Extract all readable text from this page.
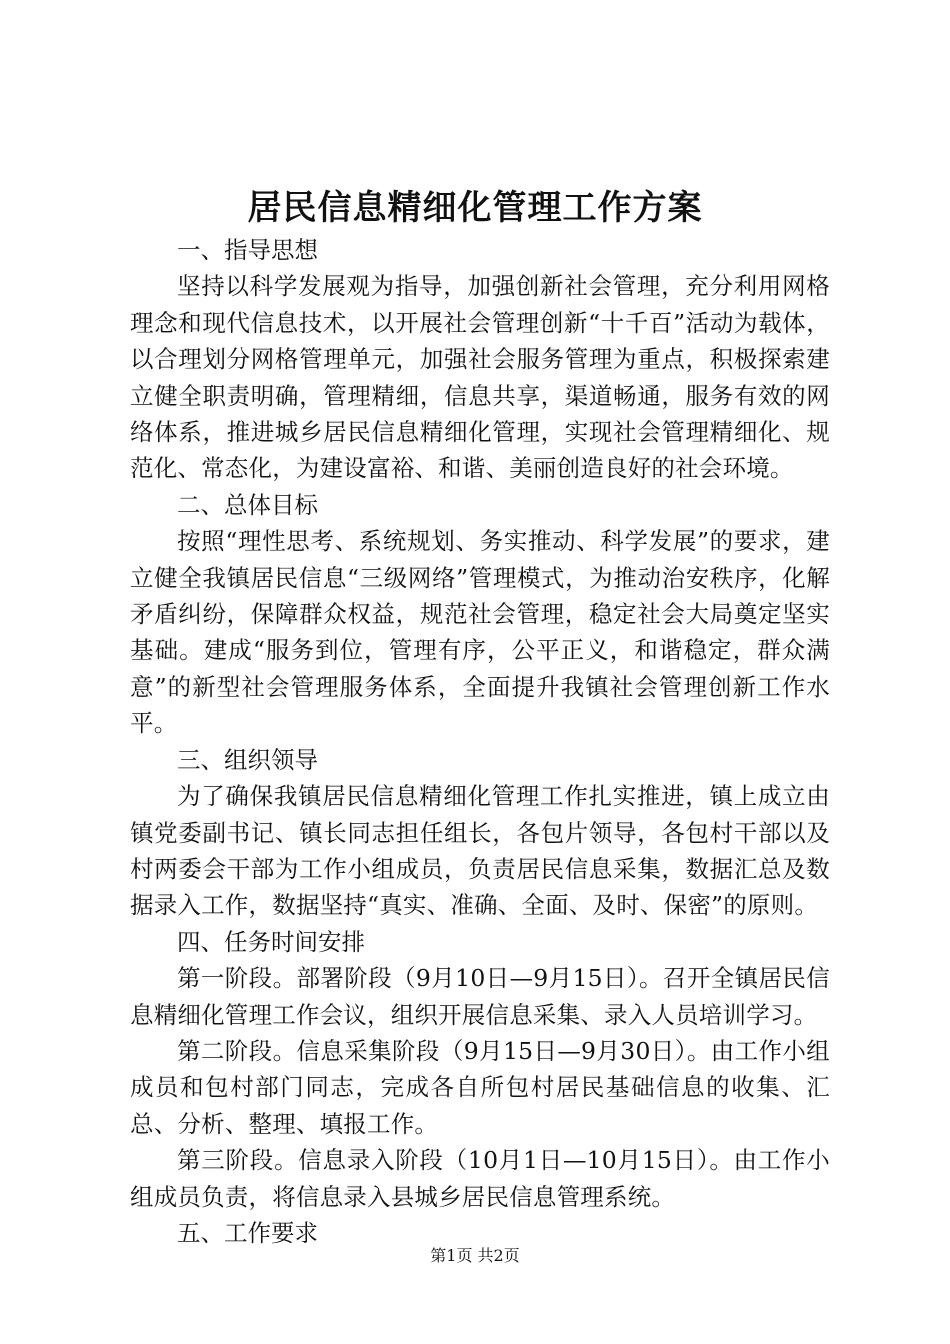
居民信息精细化管理工作方案

一、指导思想

坚持以科学发展观为指导，加强创新社会管理，充分利用网格理念和现代信息技术，以开展社会管理创新“十千百”活动为载体，以合理划分网格管理单元，加强社会服务管理为重点，积极探索建立健全职责明确，管理精细，信息共享，渠道畅通，服务有效的网络体系，推进城乡居民信息精细化管理，实现社会管理精细化、规范化、常态化，为建设富裕、和谐、美丽创造良好的社会环境。

二、总体目标

按照“理性思考、系统规划、务实推动、科学发展”的要求，建立健全我镇居民信息“三级网络”管理模式，为推动治安秩序，化解矛盾纠纷，保障群众权益，规范社会管理，稳定社会大局奠定坚实基础。建成“服务到位，管理有序，公平正义，和谐稳定，群众满意”的新型社会管理服务体系，全面提升我镇社会管理创新工作水平。

三、组织领导

为了确保我镇居民信息精细化管理工作扎实推进，镇上成立由镇党委副书记、镇长同志担任组长，各包片领导，各包村干部以及村两委会干部为工作小组成员，负责居民信息采集，数据汇总及数据录入工作，数据坚持“真实、准确、全面、及时、保密”的原则。

四、任务时间安排

第一阶段。部署阶段（9月10日—9月15日）。召开全镇居民信息精细化管理工作会议，组织开展信息采集、录入人员培训学习。

第二阶段。信息采集阶段（9月15日—9月30日）。由工作小组成员和包村部门同志，完成各自所包村居民基础信息的收集、汇总、分析、整理、填报工作。

第三阶段。信息录入阶段（10月1日—10月15日）。由工作小组成员负责，将信息录入县城乡居民信息管理系统。

五、工作要求

第1页 共2页
